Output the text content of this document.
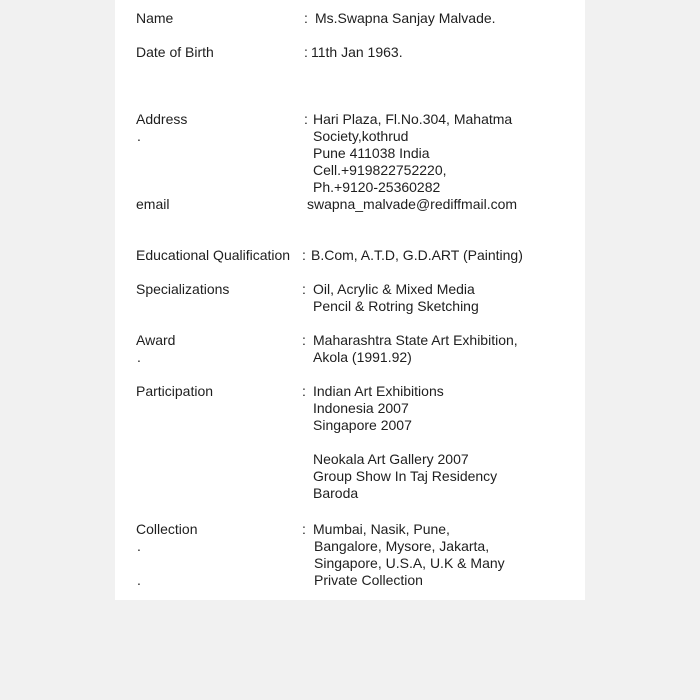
Name	: Ms.Swapna Sanjay Malvade.
Date of Birth	: 11th Jan 1963.
Address
.
: Hari Plaza, Fl.No.304, Mahatma
Society,kothrud
Pune 411038 India
Cell.+919822752220,
Ph.+9120-25360282
email	swapna_malvade@rediffmail.com
Educational Qualification : B.Com, A.T.D, G.D.ART (Painting)
Specializations	: Oil, Acrylic & Mixed Media
Pencil & Rotring Sketching
Award
.
: Maharashtra State Art Exhibition,
Akola (1991.92)
Participation	: Indian Art Exhibitions
Indonesia 2007
Singapore 2007
Neokala Art Gallery 2007
Group Show In Taj Residency
Baroda
Collection
.
.
: Mumbai, Nasik, Pune,
Bangalore, Mysore, Jakarta,
Singapore, U.S.A, U.K & Many
Private Collection
